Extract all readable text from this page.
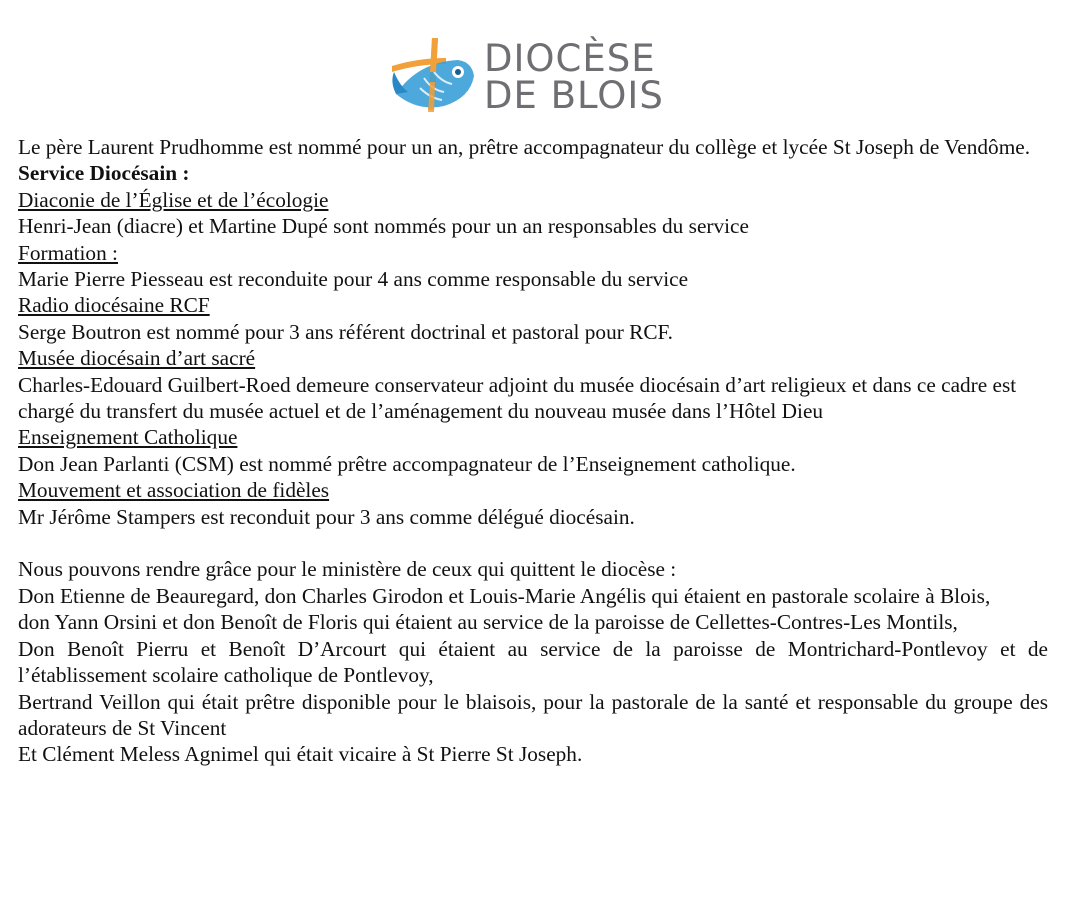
DIOCÈSE
DE BLOIS

Le père Laurent Prudhomme est nommé pour un an, prêtre accompagnateur du collège et lycée St Joseph de Vendôme.

Service Diocésain :

Diaconie de l’Église et de l’écologie

Henri-Jean (diacre) et Martine Dupé sont nommés pour un an responsables du service

Formation :

Marie Pierre Piesseau est reconduite pour 4 ans comme responsable du service

Radio diocésaine RCF

Serge Boutron est nommé pour 3 ans référent doctrinal et pastoral pour RCF.

Musée diocésain d’art sacré

Charles-Edouard Guilbert-Roed demeure conservateur adjoint du musée diocésain d’art religieux et dans ce cadre est chargé du transfert du musée actuel et de l’aménagement du nouveau musée dans l’Hôtel Dieu

Enseignement Catholique

Don Jean Parlanti (CSM) est nommé prêtre accompagnateur de l’Enseignement catholique.

Mouvement et association de fidèles

Mr Jérôme Stampers est reconduit pour 3 ans comme délégué diocésain.

Nous pouvons rendre grâce pour le ministère de ceux qui quittent le diocèse :

Don Etienne de Beauregard, don Charles Girodon et Louis-Marie Angélis qui étaient en pastorale scolaire à Blois,

don Yann Orsini et don Benoît de Floris qui étaient au service de la paroisse de Cellettes-Contres-Les Montils,

Don Benoît Pierru et Benoît D’Arcourt qui étaient au service de la paroisse de Montrichard-Pontlevoy et de l’établissement scolaire catholique de Pontlevoy,

Bertrand Veillon qui était prêtre disponible pour le blaisois, pour la pastorale de la santé et responsable du groupe des adorateurs de St Vincent

Et Clément Meless Agnimel qui était vicaire à St Pierre St Joseph.
